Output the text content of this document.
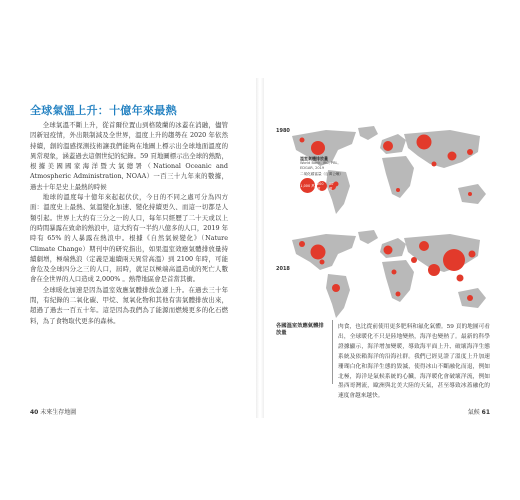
全球氣溫上升：十億年來最熱

全球氣溫不斷上升，從首爾位置山到格陵蘭的冰蓋在消融，儘管因新冠疫情，外出限制減及全世界，溫度上升的趨勢在 2020 年依然持續，創的溫感探測技術讓我們能夠在地圖上標示出全球地面溫度的異常現象，涵蓋過去這個世紀的紀錄。59 頁地圖標示出全球的熱點，根據美國國家海洋暨大氣總署（National Oceanic and Atmospheric Administration, NOAA）一百三十九年來的數據，過去十年是史上最熱的時候

地球的溫度每十億年來起起伏伏，今日的不同之處可分為四方面：溫度史上最熱、氣溫變化加速、變化持續更久、而這一切都是人類引起。世界上大約有三分之一的人口，每年只經歷了二十天或以上的時間暴露在致命的熱浪中，這大約有一半約八億多的人口，2019 年時有 65% 的人暴露在熱浪中。根據《自然氣候變化》（Nature Climate Change）期刊中的研究指出，如果溫室效應氣體排放量持續劇增，極端熱浪（定義是連續兩天異常高溫）到 2100 年時，可能會危及全球四分之三的人口，屆時，就足以極端高溫造成的死亡人數會在全世界的人口造成 2,000% 。熱帶地區會是首當其衝。

全球暖化加速是因為溫室效應氣體排放急遽上升。在過去三十年間，有紀錄的二氧化碳、甲烷、氮氧化物和其他有害氣體排放出來，超過了過去一百五十年。這是因為我們為了能源而燃燒更多的化石燃料，為了食物取代更多的森林。

40 未來生存地圖
1980
溫室氣體排放量
World Bank, JRC, PBL, EDGAR, 2019
二氧化碳當量（百萬公噸）
1,000 萬
200 萬
10 萬
2018
各國溫室效應氣體排放量

肉食，也比從前使用更多肥料和氟化氣體。59 頁的地圖可看出，全球暖化不只是陸地變熱，海洋也變熱了。最新的科學證據顯示，海洋增加變暖，導致海平面上升、破壞海洋生態系統及依賴海洋的沿海社群。我們已經見證了溫度上升加速珊瑚白化和海洋生態的毀滅，使得冰山不斷融化而退，例如北極，海洋是氣候系統的心臟，海洋暖化會破壞洋流，例如墨西哥灣流，歐洲與北美大陸的天氣，甚至導致冰蓋融化的速度會越來越快。

氣候 61
